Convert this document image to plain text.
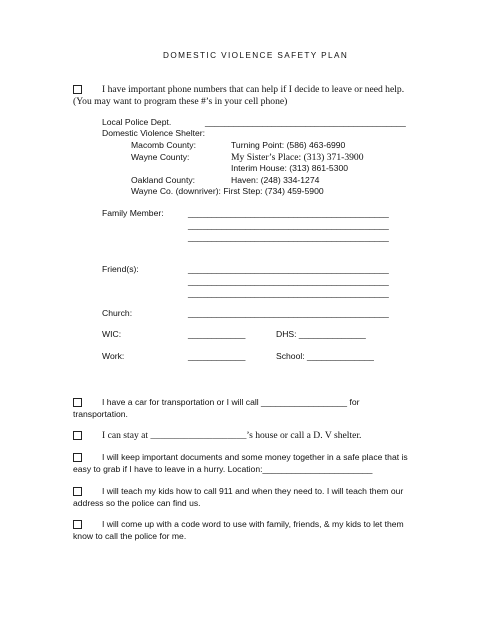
DOMESTIC VIOLENCE SAFETY PLAN
I have important phone numbers that can help if I decide to leave or need help.
(You may want to program these #’s in your cell phone)
Local Police Dept.	__________________________________________
Domestic Violence Shelter:
Macomb County:	Turning Point: (586) 463-6990
Wayne County:	My Sister’s Place: (313) 371-3900
Interim House: (313) 861-5300
Oakland County:	Haven: (248) 334-1274
Wayne Co. (downriver): First Step: (734) 459-5900
Family Member:	__________________________________________
__________________________________________
__________________________________________
Friend(s):	__________________________________________
__________________________________________
__________________________________________
Church:	__________________________________________
WIC:	____________	DHS: ______________
Work:	____________	School: ______________
I have a car for transportation or I will call __________________ for
transportation.
I can stay at ____________________’s house or call a D. V shelter.
I will keep important documents and some money together in a safe place that is
easy to grab if I have to leave in a hurry. Location:_______________________
I will teach my kids how to call 911 and when they need to. I will teach them our
address so the police can find us.
I will come up with a code word to use with family, friends, & my kids to let them
know to call the police for me.
